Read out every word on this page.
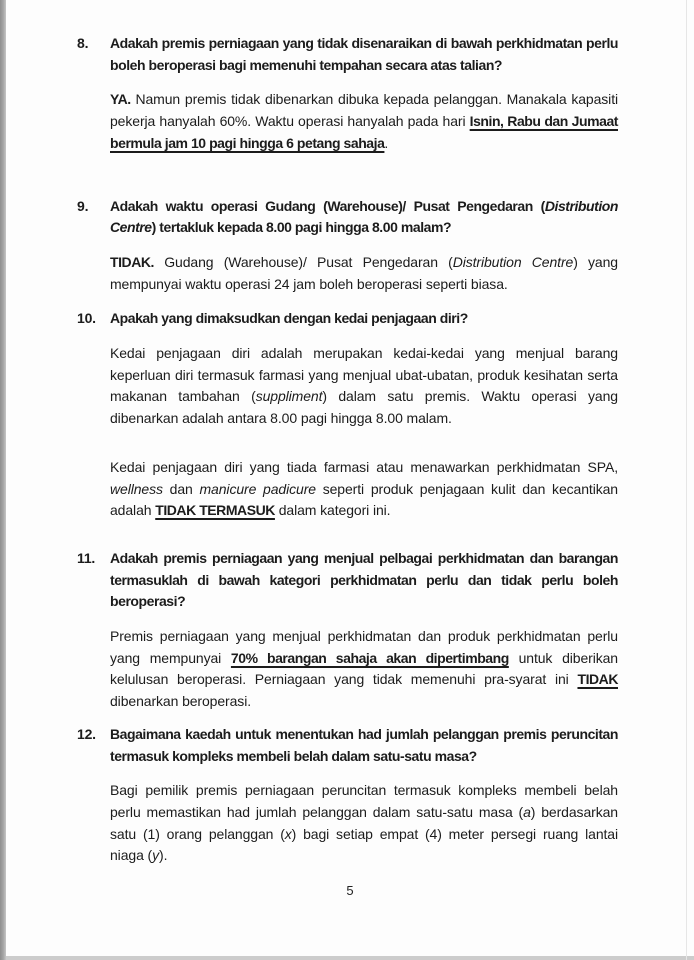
8.	Adakah premis perniagaan yang tidak disenaraikan di bawah perkhidmatan perlu boleh beroperasi bagi memenuhi tempahan secara atas talian?
YA. Namun premis tidak dibenarkan dibuka kepada pelanggan. Manakala kapasiti pekerja hanyalah 60%. Waktu operasi hanyalah pada hari Isnin, Rabu dan Jumaat bermula jam 10 pagi hingga 6 petang sahaja.
9.	Adakah waktu operasi Gudang (Warehouse)/ Pusat Pengedaran (Distribution Centre) tertakluk kepada 8.00 pagi hingga 8.00 malam?
TIDAK. Gudang (Warehouse)/ Pusat Pengedaran (Distribution Centre) yang mempunyai waktu operasi 24 jam boleh beroperasi seperti biasa.
10.	Apakah yang dimaksudkan dengan kedai penjagaan diri?
Kedai penjagaan diri adalah merupakan kedai-kedai yang menjual barang keperluan diri termasuk farmasi yang menjual ubat-ubatan, produk kesihatan serta makanan tambahan (suppliment) dalam satu premis. Waktu operasi yang dibenarkan adalah antara 8.00 pagi hingga 8.00 malam.
Kedai penjagaan diri yang tiada farmasi atau menawarkan perkhidmatan SPA, wellness dan manicure padicure seperti produk penjagaan kulit dan kecantikan adalah TIDAK TERMASUK dalam kategori ini.
11.	Adakah premis perniagaan yang menjual pelbagai perkhidmatan dan barangan termasuklah di bawah kategori perkhidmatan perlu dan tidak perlu boleh beroperasi?
Premis perniagaan yang menjual perkhidmatan dan produk perkhidmatan perlu yang mempunyai 70% barangan sahaja akan dipertimbang untuk diberikan kelulusan beroperasi. Perniagaan yang tidak memenuhi pra-syarat ini TIDAK dibenarkan beroperasi.
12.	Bagaimana kaedah untuk menentukan had jumlah pelanggan premis peruncitan termasuk kompleks membeli belah dalam satu-satu masa?
Bagi pemilik premis perniagaan peruncitan termasuk kompleks membeli belah perlu memastikan had jumlah pelanggan dalam satu-satu masa (a) berdasarkan satu (1) orang pelanggan (x) bagi setiap empat (4) meter persegi ruang lantai niaga (y).
5
